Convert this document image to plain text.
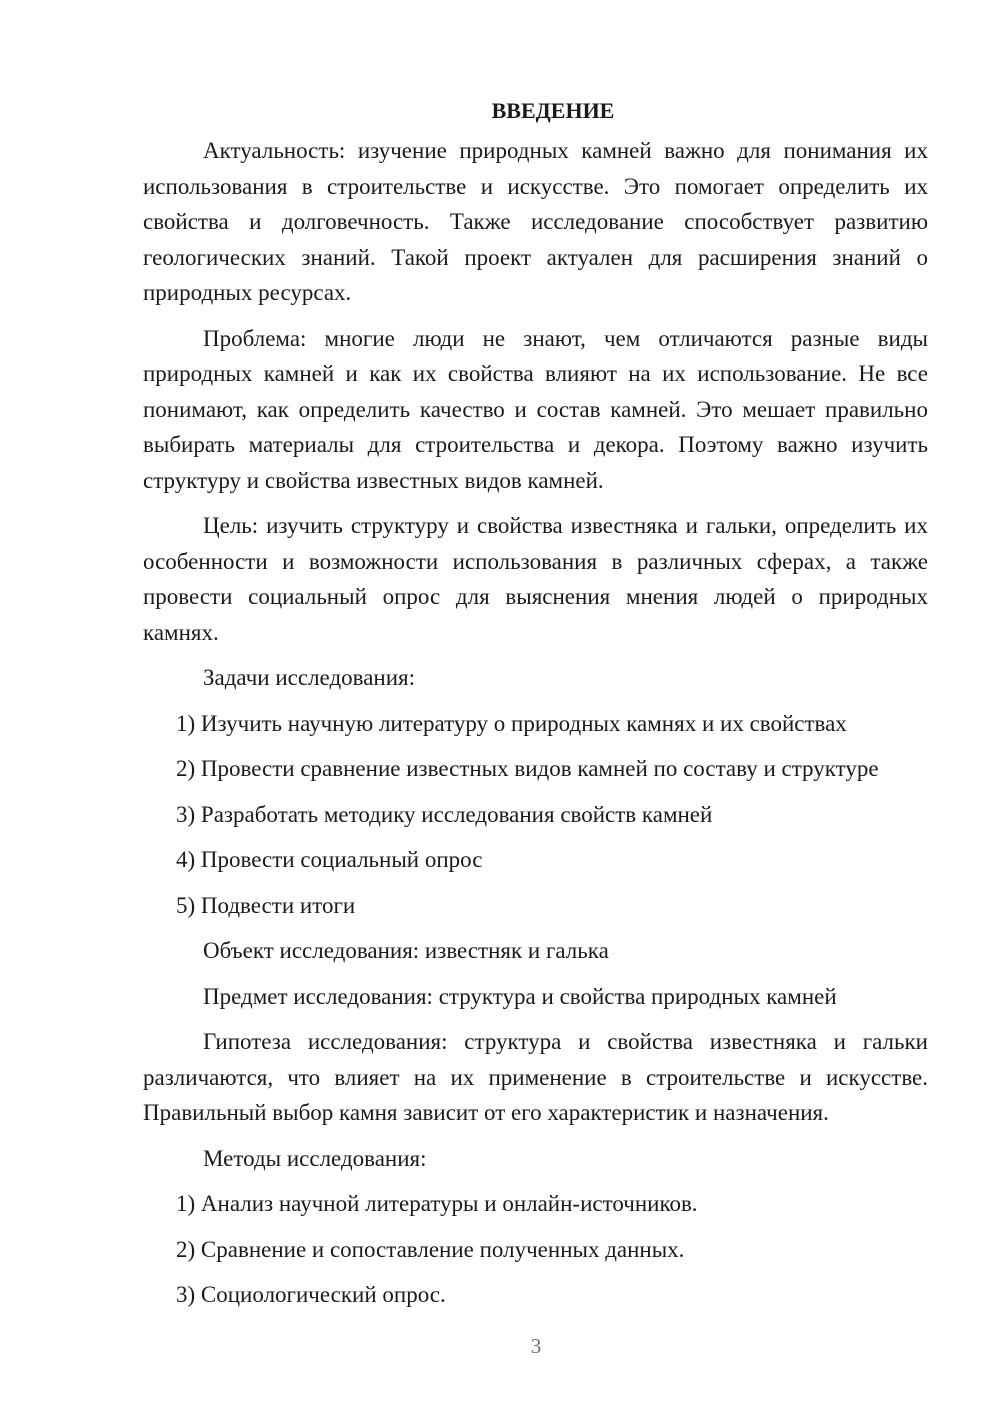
ВВЕДЕНИЕ
Актуальность: изучение природных камней важно для понимания их использования в строительстве и искусстве. Это помогает определить их свойства и долговечность. Также исследование способствует развитию геологических знаний. Такой проект актуален для расширения знаний о природных ресурсах.
Проблема: многие люди не знают, чем отличаются разные виды природных камней и как их свойства влияют на их использование. Не все понимают, как определить качество и состав камней. Это мешает правильно выбирать материалы для строительства и декора. Поэтому важно изучить структуру и свойства известных видов камней.
Цель: изучить структуру и свойства известняка и гальки, определить их особенности и возможности использования в различных сферах, а также провести социальный опрос для выяснения мнения людей о природных камнях.
Задачи исследования:
1) Изучить научную литературу о природных камнях и их свойствах
2) Провести сравнение известных видов камней по составу и структуре
3) Разработать методику исследования свойств камней
4) Провести социальный опрос
5) Подвести итоги
Объект исследования: известняк и галька
Предмет исследования: структура и свойства природных камней
Гипотеза исследования: структура и свойства известняка и гальки различаются, что влияет на их применение в строительстве и искусстве. Правильный выбор камня зависит от его характеристик и назначения.
Методы исследования:
1) Анализ научной литературы и онлайн-источников.
2) Сравнение и сопоставление полученных данных.
3) Социологический опрос.
3
